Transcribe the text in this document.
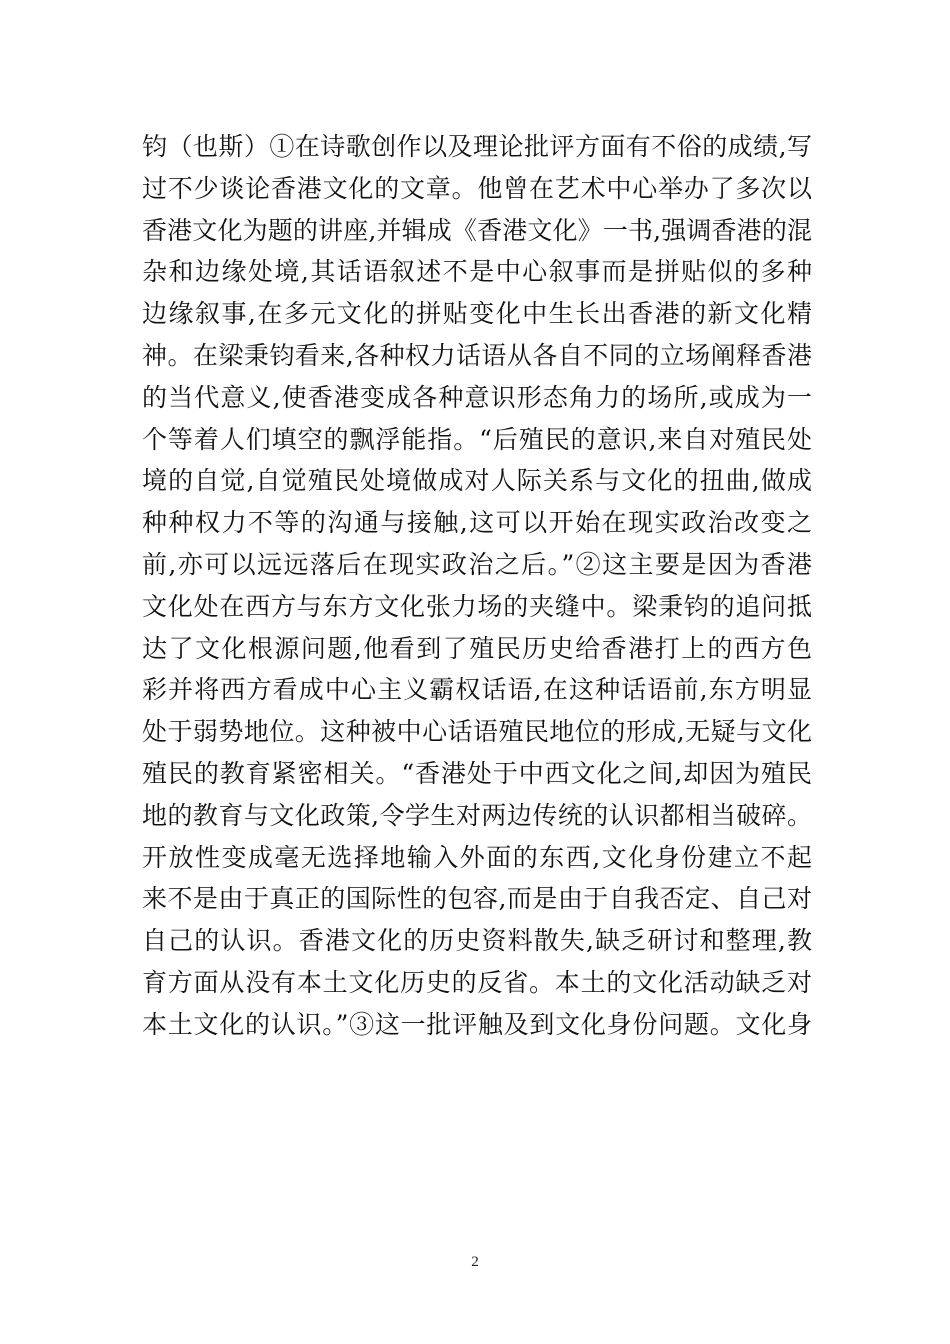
钧（也斯）①在诗歌创作以及理论批评方面有不俗的成绩,写
过不少谈论香港文化的文章。他曾在艺术中心举办了多次以
香港文化为题的讲座,并辑成《香港文化》一书,强调香港的混
杂和边缘处境,其话语叙述不是中心叙事而是拼贴似的多种
边缘叙事,在多元文化的拼贴变化中生长出香港的新文化精
神。在梁秉钧看来,各种权力话语从各自不同的立场阐释香港
的当代意义,使香港变成各种意识形态角力的场所,或成为一
个等着人们填空的飘浮能指。“后殖民的意识,来自对殖民处
境的自觉,自觉殖民处境做成对人际关系与文化的扭曲,做成
种种权力不等的沟通与接触,这可以开始在现实政治改变之
前,亦可以远远落后在现实政治之后。”②这主要是因为香港
文化处在西方与东方文化张力场的夹缝中。梁秉钧的追问抵
达了文化根源问题,他看到了殖民历史给香港打上的西方色
彩并将西方看成中心主义霸权话语,在这种话语前,东方明显
处于弱势地位。这种被中心话语殖民地位的形成,无疑与文化
殖民的教育紧密相关。“香港处于中西文化之间,却因为殖民
地的教育与文化政策,令学生对两边传统的认识都相当破碎。
开放性变成毫无选择地输入外面的东西,文化身份建立不起
来不是由于真正的国际性的包容,而是由于自我否定、自己对
自己的认识。香港文化的历史资料散失,缺乏研讨和整理,教
育方面从没有本土文化历史的反省。本土的文化活动缺乏对
本土文化的认识。”③这一批评触及到文化身份问题。文化身
2
